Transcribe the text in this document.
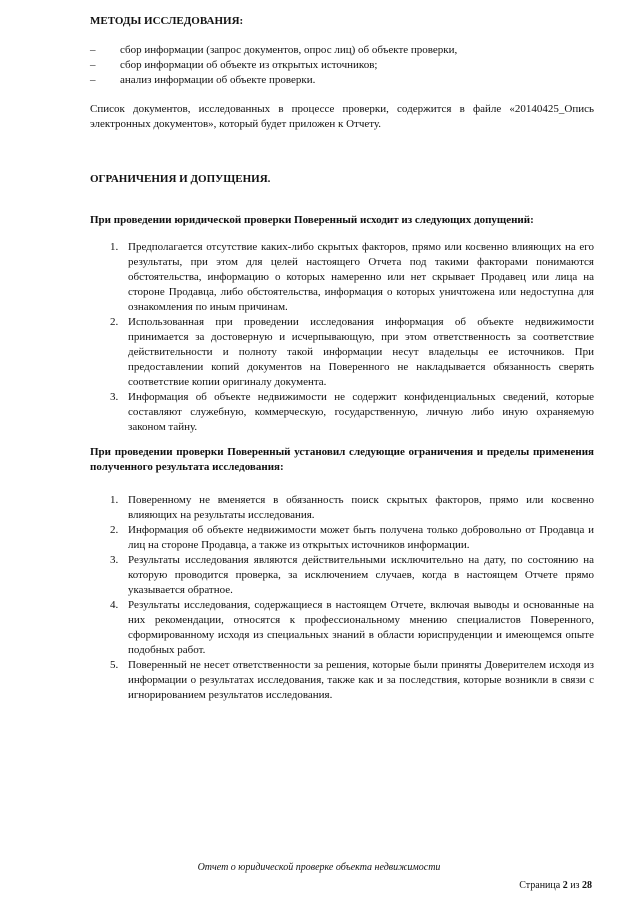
МЕТОДЫ ИССЛЕДОВАНИЯ:

– сбор информации (запрос документов, опрос лиц) об объекте проверки,
– сбор информации об объекте из открытых источников;
– анализ информации об объекте проверки.

Список документов, исследованных в процессе проверки, содержится в файле «20140425_Опись электронных документов», который будет приложен к Отчету.

ОГРАНИЧЕНИЯ И ДОПУЩЕНИЯ.

При проведении юридической проверки Поверенный исходит из следующих допущений:

1. Предполагается отсутствие каких-либо скрытых факторов, прямо или косвенно влияющих на его результаты, при этом для целей настоящего Отчета под такими факторами понимаются обстоятельства, информацию о которых намеренно или нет скрывает Продавец или лица на стороне Продавца, либо обстоятельства, информация о которых уничтожена или недоступна для ознакомления по иным причинам.
2. Использованная при проведении исследования информация об объекте недвижимости принимается за достоверную и исчерпывающую, при этом ответственность за соответствие действительности и полноту такой информации несут владельцы ее источников. При предоставлении копий документов на Поверенного не накладывается обязанность сверять соответствие копии оригиналу документа.
3. Информация об объекте недвижимости не содержит конфиденциальных сведений, которые составляют служебную, коммерческую, государственную, личную либо иную охраняемую законом тайну.

При проведении проверки Поверенный установил следующие ограничения и пределы применения полученного результата исследования:

1. Поверенному не вменяется в обязанность поиск скрытых факторов, прямо или косвенно влияющих на результаты исследования.
2. Информация об объекте недвижимости может быть получена только добровольно от Продавца и лиц на стороне Продавца, а также из открытых источников информации.
3. Результаты исследования являются действительными исключительно на дату, по состоянию на которую проводится проверка, за исключением случаев, когда в настоящем Отчете прямо указывается обратное.
4. Результаты исследования, содержащиеся в настоящем Отчете, включая выводы и основанные на них рекомендации, относятся к профессиональному мнению специалистов Поверенного, сформированному исходя из специальных знаний в области юриспруденции и имеющемся опыте подобных работ.
5. Поверенный не несет ответственности за решения, которые были приняты Доверителем исходя из информации о результатах исследования, также как и за последствия, которые возникли в связи с игнорированием результатов исследования.
Отчет о юридической проверке объекта недвижимости
Страница 2 из 28
